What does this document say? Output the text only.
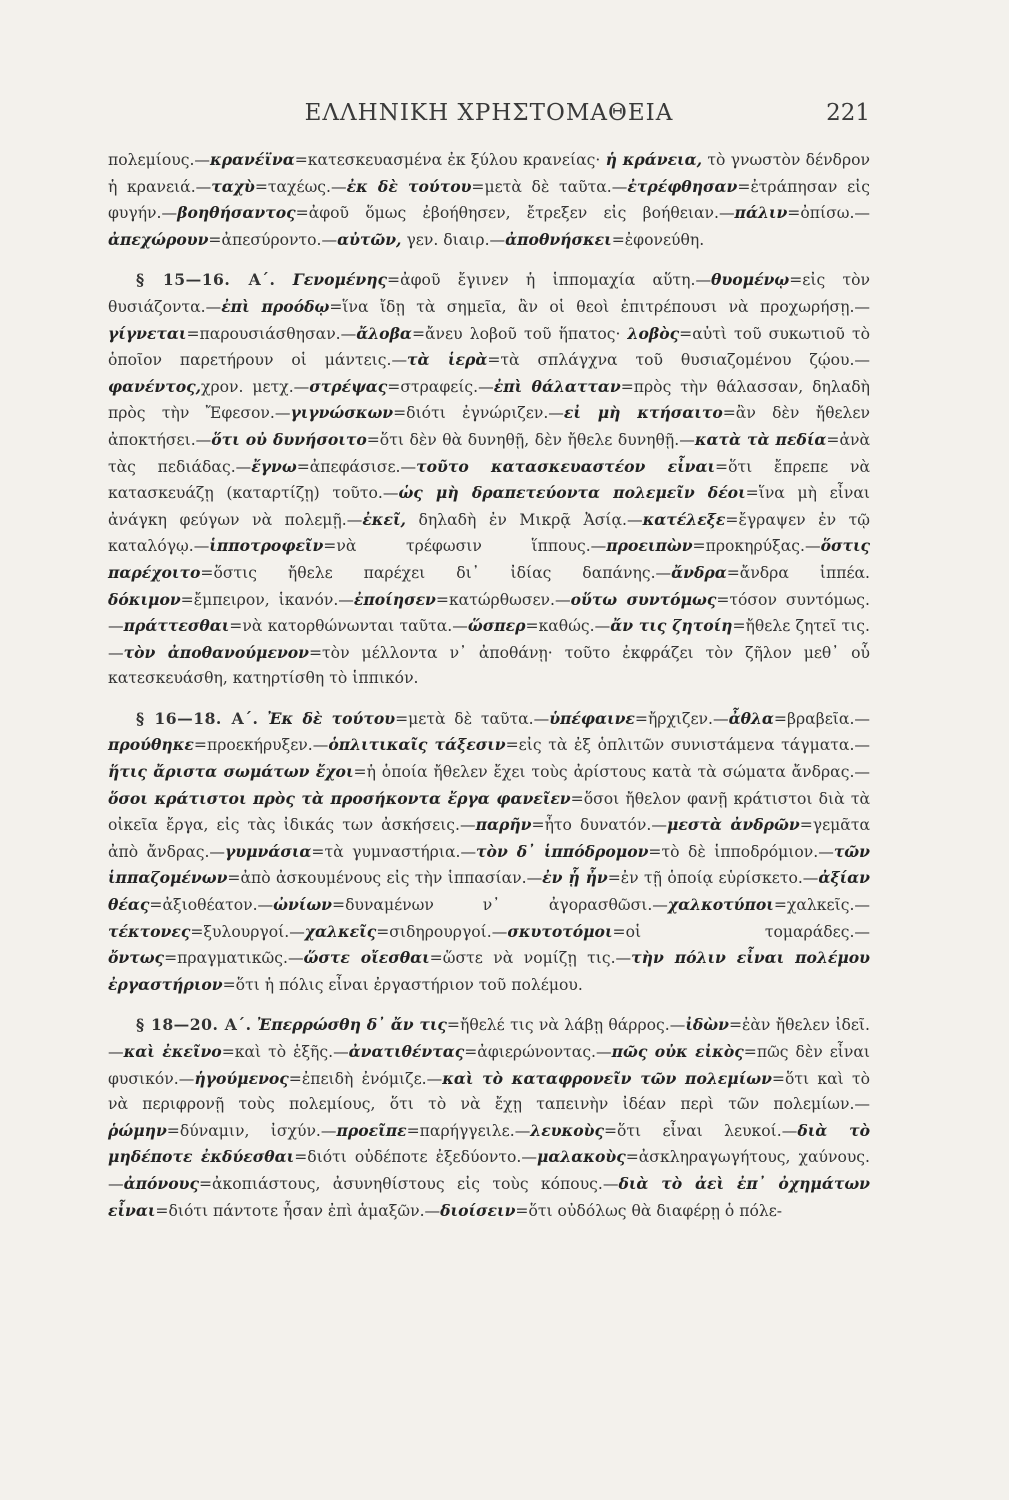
ΕΛΛΗΝΙΚΗ ΧΡΗΣΤΟΜΑΘΕΙΑ	221

πολεμίους.—κρανέϊνα=κατεσκευασμένα ἐκ ξύλου κρανείας· ἡ κράνεια, τὸ γνωστὸν δένδρον ἡ κρανειά.—ταχὺ=ταχέως.—ἐκ δὲ τούτου=μετὰ δὲ ταῦτα.—ἐτρέφθησαν=ἐτράπησαν εἰς φυγήν.—βοηθήσαντος=ἀφοῦ ὅμως ἐβοήθησεν, ἔτρεξεν εἰς βοήθειαν.—πάλιν=ὀπίσω.—ἀπεχώρουν=ἀπεσύροντο.—αὐτῶν, γεν. διαιρ.—ἀποθνήσκει=ἐφονεύθη.

§ 15—16. Α΄. Γενομένης=ἀφοῦ ἔγινεν ἡ ἱππομαχία αὕτη.—θυομένῳ=εἰς τὸν θυσιάζοντα.—ἐπὶ προόδῳ=ἵνα ἴδῃ τὰ σημεῖα, ἂν οἱ θεοὶ ἐπιτρέπουσι νὰ προχωρήσῃ.—γίγνεται=παρουσιάσθησαν.—ἄλοβα=ἄνευ λοβοῦ τοῦ ἥπατος· λοβὸς=αὐτὶ τοῦ συκωτιοῦ τὸ ὁποῖον παρετήρουν οἱ μάντεις.—τὰ ἱερὰ=τὰ σπλάγχνα τοῦ θυσιαζομένου ζῴου.—φανέντος,χρον. μετχ.—στρέψας=στραφείς.—ἐπὶ θάλατταν=πρὸς τὴν θάλασσαν, δηλαδὴ πρὸς τὴν Ἔφεσον.—γιγνώσκων=διότι ἐγνώριζεν.—εἰ μὴ κτήσαιτο=ἂν δὲν ἤθελεν ἀποκτήσει.—ὅτι οὐ δυνήσοιτο=ὅτι δὲν θὰ δυνηθῇ, δὲν ἤθελε δυνηθῇ.—κατὰ τὰ πεδία=ἀνὰ τὰς πεδιάδας.—ἔγνω=ἀπεφάσισε.—τοῦτο κατασκευαστέον εἶναι=ὅτι ἔπρεπε νὰ κατασκευάζῃ (καταρτίζῃ) τοῦτο.—ὡς μὴ δραπετεύοντα πολεμεῖν δέοι=ἵνα μὴ εἶναι ἀνάγκη φεύγων νὰ πολεμῇ.—ἐκεῖ, δηλαδὴ ἐν Μικρᾷ Ἀσίᾳ.—κατέλεξε=ἔγραψεν ἐν τῷ καταλόγῳ.—ἱπποτροφεῖν=νὰ τρέφωσιν ἵππους.—προειπὼν=προκηρύξας.—ὅστις παρέχοιτο=ὅστις ἤθελε παρέχει δι᾽ ἰδίας δαπάνης.—ἄνδρα=ἄνδρα ἱππέα. δόκιμον=ἔμπειρον, ἱκανόν.—ἐποίησεν=κατώρθωσεν.—οὕτω συντόμως=τόσον συντόμως.—πράττεσθαι=νὰ κατορθώνωνται ταῦτα.—ὥσπερ=καθώς.—ἄν τις ζητοίη=ἤθελε ζητεῖ τις.—τὸν ἀποθανούμενον=τὸν μέλλοντα ν᾽ ἀποθάνῃ· τοῦτο ἐκφράζει τὸν ζῆλον μεθ᾽ οὗ κατεσκευάσθη, κατηρτίσθη τὸ ἱππικόν.

§ 16—18. Α΄. Ἐκ δὲ τούτου=μετὰ δὲ ταῦτα.—ὑπέφαινε=ἤρχιζεν.—ἆθλα=βραβεῖα.—προύθηκε=προεκήρυξεν.—ὁπλιτικαῖς τάξεσιν=εἰς τὰ ἐξ ὁπλιτῶν συνιστάμενα τάγματα.—ἥτις ἄριστα σωμάτων ἔχοι=ἡ ὁποία ἤθελεν ἔχει τοὺς ἀρίστους κατὰ τὰ σώματα ἄνδρας.—ὅσοι κράτιστοι πρὸς τὰ προσήκοντα ἔργα φανεῖεν=ὅσοι ἤθελον φανῇ κράτιστοι διὰ τὰ οἰκεῖα ἔργα, εἰς τὰς ἰδικάς των ἀσκήσεις.—παρῆν=ἦτο δυνατόν.—μεστὰ ἀνδρῶν=γεμᾶτα ἀπὸ ἄνδρας.—γυμνάσια=τὰ γυμναστήρια.—τὸν δ᾽ ἱππόδρομον=τὸ δὲ ἱπποδρόμιον.—τῶν ἱππαζομένων=ἀπὸ ἀσκουμένους εἰς τὴν ἱππασίαν.—ἐν ᾗ ἦν=ἐν τῇ ὁποίᾳ εὑρίσκετο.—ἀξίαν θέας=ἀξιοθέατον.—ὠνίων=δυναμένων ν᾽ ἀγορασθῶσι.—χαλκοτύποι=χαλκεῖς.—τέκτονες=ξυλουργοί.—χαλκεῖς=σιδηρουργοί.—σκυτοτόμοι=οἱ τομαράδες.—ὄντως=πραγματικῶς.—ὥστε οἴεσθαι=ὥστε νὰ νομίζῃ τις.—τὴν πόλιν εἶναι πολέμου ἐργαστήριον=ὅτι ἡ πόλις εἶναι ἐργαστήριον τοῦ πολέμου.

§ 18—20. Α΄. Ἐπερρώσθη δ᾽ ἄν τις=ἤθελέ τις νὰ λάβῃ θάρρος.—ἰδὼν=ἐὰν ἤθελεν ἰδεῖ.—καὶ ἐκεῖνο=καὶ τὸ ἑξῆς.—ἀνατιθέντας=ἀφιερώνοντας.—πῶς οὐκ εἰκὸς=πῶς δὲν εἶναι φυσικόν.—ἡγούμενος=ἐπειδὴ ἐνόμιζε.—καὶ τὸ καταφρονεῖν τῶν πολεμίων=ὅτι καὶ τὸ νὰ περιφρονῇ τοὺς πολεμίους, ὅτι τὸ νὰ ἔχῃ ταπεινὴν ἰδέαν περὶ τῶν πολεμίων.—ῥώμην=δύναμιν, ἰσχύν.—προεῖπε=παρήγγειλε.—λευκοὺς=ὅτι εἶναι λευκοί.—διὰ τὸ μηδέποτε ἐκδύεσθαι=διότι οὐδέποτε ἐξεδύοντο.—μαλακοὺς=ἀσκληραγωγήτους, χαύνους.—ἀπόνους=ἀκοπιάστους, ἀσυνηθίστους εἰς τοὺς κόπους.—διὰ τὸ ἀεὶ ἐπ᾽ ὀχημάτων εἶναι=διότι πάντοτε ἦσαν ἐπὶ ἁμαξῶν.—διοίσειν=ὅτι οὐδόλως θὰ διαφέρῃ ὁ πόλε-
